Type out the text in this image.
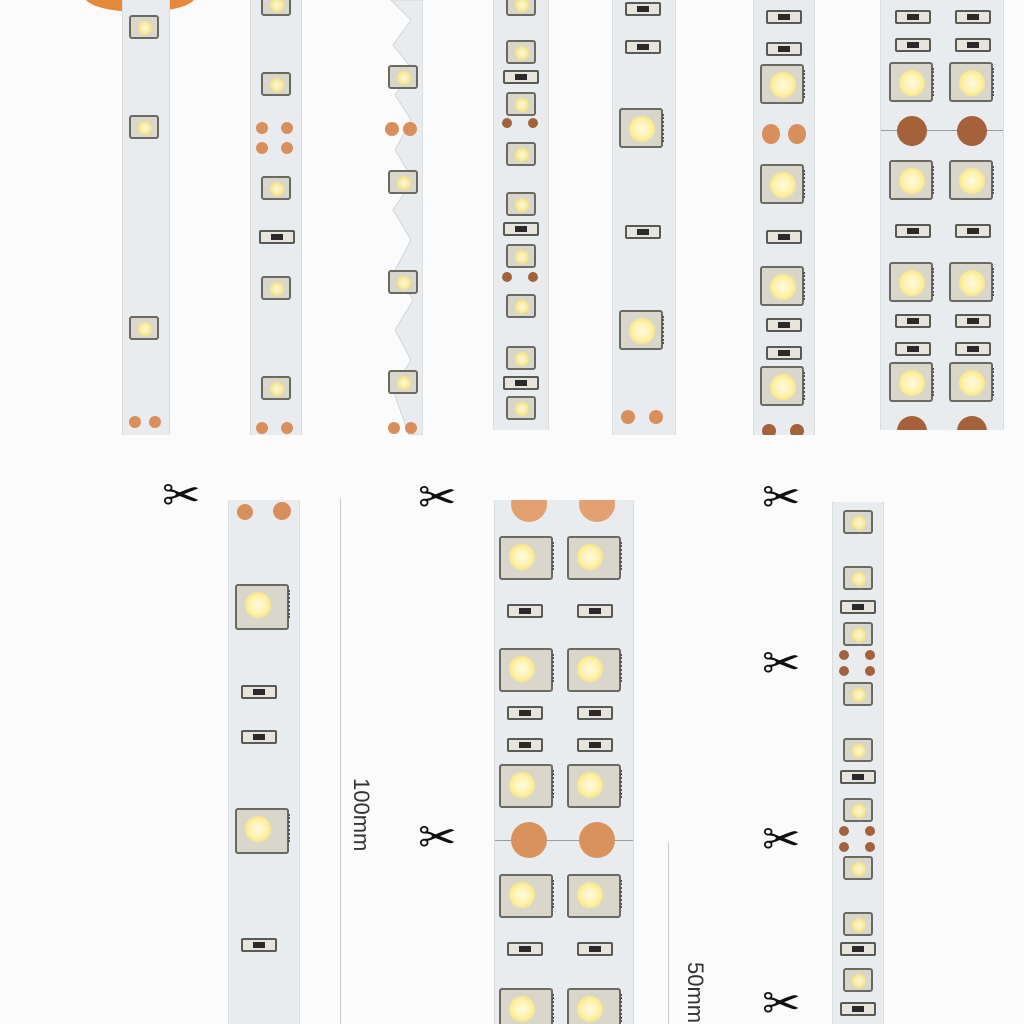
✂	✂
✂
✂
✂
✂
✂
100mm
50mm
